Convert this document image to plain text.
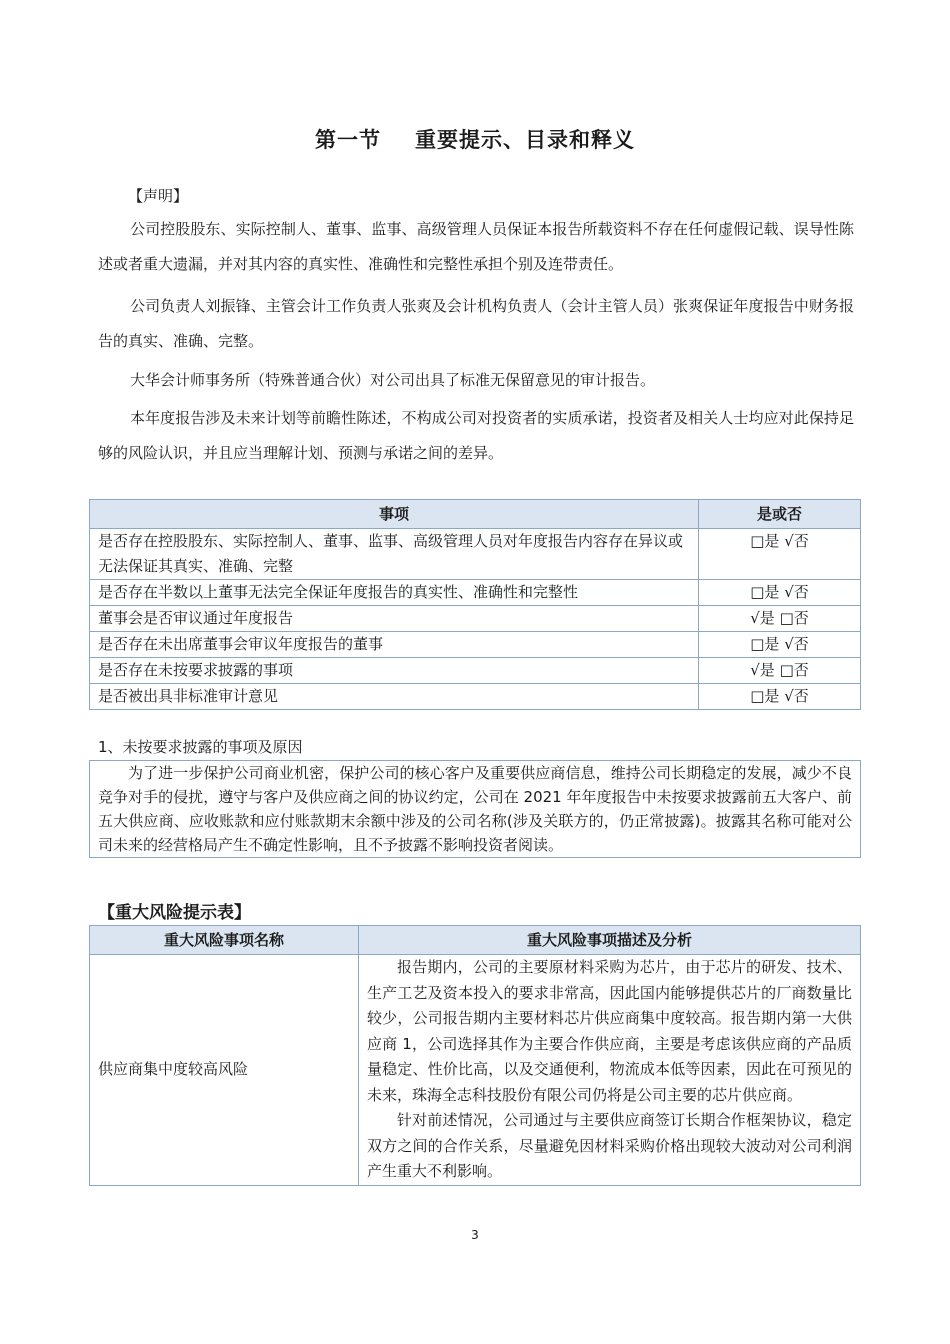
第一节 重要提示、目录和释义

【声明】

公司控股股东、实际控制人、董事、监事、高级管理人员保证本报告所载资料不存在任何虚假记载、误导性陈述或者重大遗漏，并对其内容的真实性、准确性和完整性承担个别及连带责任。

公司负责人刘振锋、主管会计工作负责人张爽及会计机构负责人（会计主管人员）张爽保证年度报告中财务报告的真实、准确、完整。

大华会计师事务所（特殊普通合伙）对公司出具了标准无保留意见的审计报告。

本年度报告涉及未来计划等前瞻性陈述，不构成公司对投资者的实质承诺，投资者及相关人士均应对此保持足够的风险认识，并且应当理解计划、预测与承诺之间的差异。

事项	是或否
是否存在控股股东、实际控制人、董事、监事、高级管理人员对年度报告内容存在异议或无法保证其真实、准确、完整	□是 √否
是否存在半数以上董事无法完全保证年度报告的真实性、准确性和完整性	□是 √否
董事会是否审议通过年度报告	√是 □否
是否存在未出席董事会审议年度报告的董事	□是 √否
是否存在未按要求披露的事项	√是 □否
是否被出具非标准审计意见	□是 √否
1、未按要求披露的事项及原因
为了进一步保护公司商业机密，保护公司的核心客户及重要供应商信息，维持公司长期稳定的发展，减少不良竞争对手的侵扰，遵守与客户及供应商之间的协议约定，公司在 2021 年年度报告中未按要求披露前五大客户、前五大供应商、应收账款和应付账款期末余额中涉及的公司名称(涉及关联方的，仍正常披露)。披露其名称可能对公司未来的经营格局产生不确定性影响，且不予披露不影响投资者阅读。
【重大风险提示表】
重大风险事项名称	重大风险事项描述及分析
供应商集中度较高风险	报告期内，公司的主要原材料采购为芯片，由于芯片的研发、技术、生产工艺及资本投入的要求非常高，因此国内能够提供芯片的厂商数量比较少，公司报告期内主要材料芯片供应商集中度较高。报告期内第一大供应商 1，公司选择其作为主要合作供应商，主要是考虑该供应商的产品质量稳定、性价比高，以及交通便利，物流成本低等因素，因此在可预见的未来，珠海全志科技股份有限公司仍将是公司主要的芯片供应商。

针对前述情况，公司通过与主要供应商签订长期合作框架协议，稳定双方之间的合作关系，尽量避免因材料采购价格出现较大波动对公司利润产生重大不利影响。

3
